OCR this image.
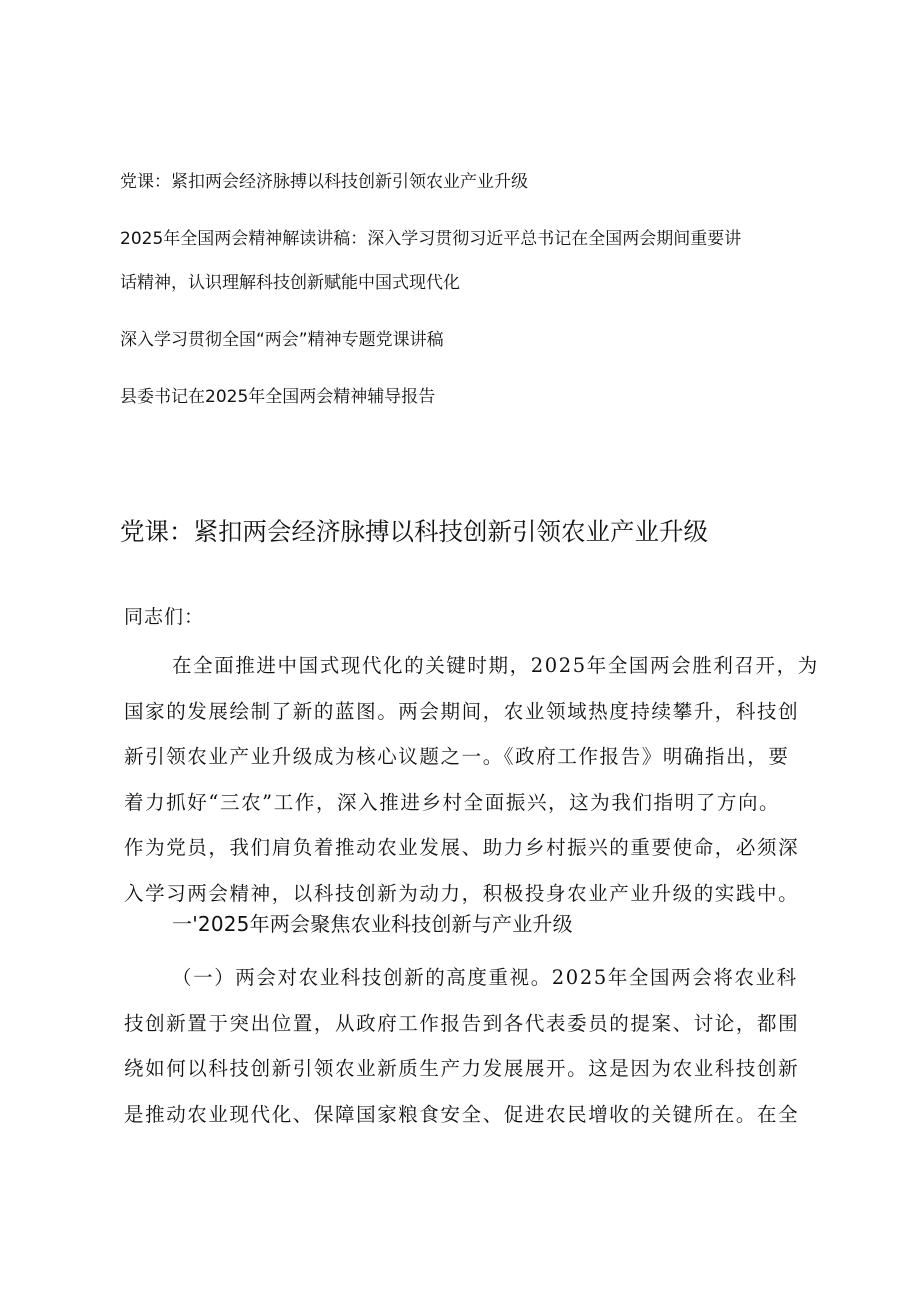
党课：紧扣两会经济脉搏以科技创新引领农业产业升级
2025年全国两会精神解读讲稿：深入学习贯彻习近平总书记在全国两会期间重要讲
话精神，认识理解科技创新赋能中国式现代化
深入学习贯彻全国“两会”精神专题党课讲稿
县委书记在2025年全国两会精神辅导报告
党课：紧扣两会经济脉搏以科技创新引领农业产业升级
同志们：
在全面推进中国式现代化的关键时期，2025年全国两会胜利召开，为
国家的发展绘制了新的蓝图。两会期间，农业领域热度持续攀升，科技创
新引领农业产业升级成为核心议题之一。《政府工作报告》明确指出，要
着力抓好“三农”工作，深入推进乡村全面振兴，这为我们指明了方向。
作为党员，我们肩负着推动农业发展、助力乡村振兴的重要使命，必须深
入学习两会精神，以科技创新为动力，积极投身农业产业升级的实践中。
一'2025年两会聚焦农业科技创新与产业升级
（一）两会对农业科技创新的高度重视。2025年全国两会将农业科
技创新置于突出位置，从政府工作报告到各代表委员的提案、讨论，都围
绕如何以科技创新引领农业新质生产力发展展开。这是因为农业科技创新
是推动农业现代化、保障国家粮食安全、促进农民增收的关键所在。在全
